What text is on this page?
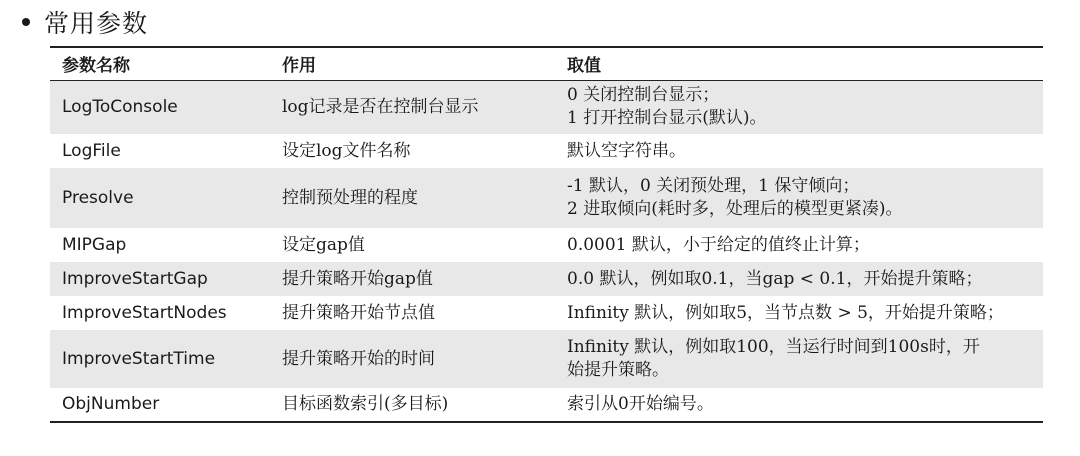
常用参数
参数名称	作用	取值
LogToConsole	log记录是否在控制台显示	0 关闭控制台显示；
1 打开控制台显示(默认)。

LogFile	设定log文件名称	默认空字符串。

Presolve	控制预处理的程度	-1 默认，0 关闭预处理，1 保守倾向；
2 进取倾向(耗时多，处理后的模型更紧凑)。

MIPGap	设定gap值	0.0001 默认，小于给定的值终止计算；

ImproveStartGap	提升策略开始gap值	0.0 默认，例如取0.1，当gap < 0.1，开始提升策略；

ImproveStartNodes	提升策略开始节点值	Infinity 默认，例如取5，当节点数 > 5，开始提升策略；

ImproveStartTime	提升策略开始的时间	Infinity 默认，例如取100，当运行时间到100s时，开
始提升策略。

ObjNumber	目标函数索引(多目标)	索引从0开始编号。
